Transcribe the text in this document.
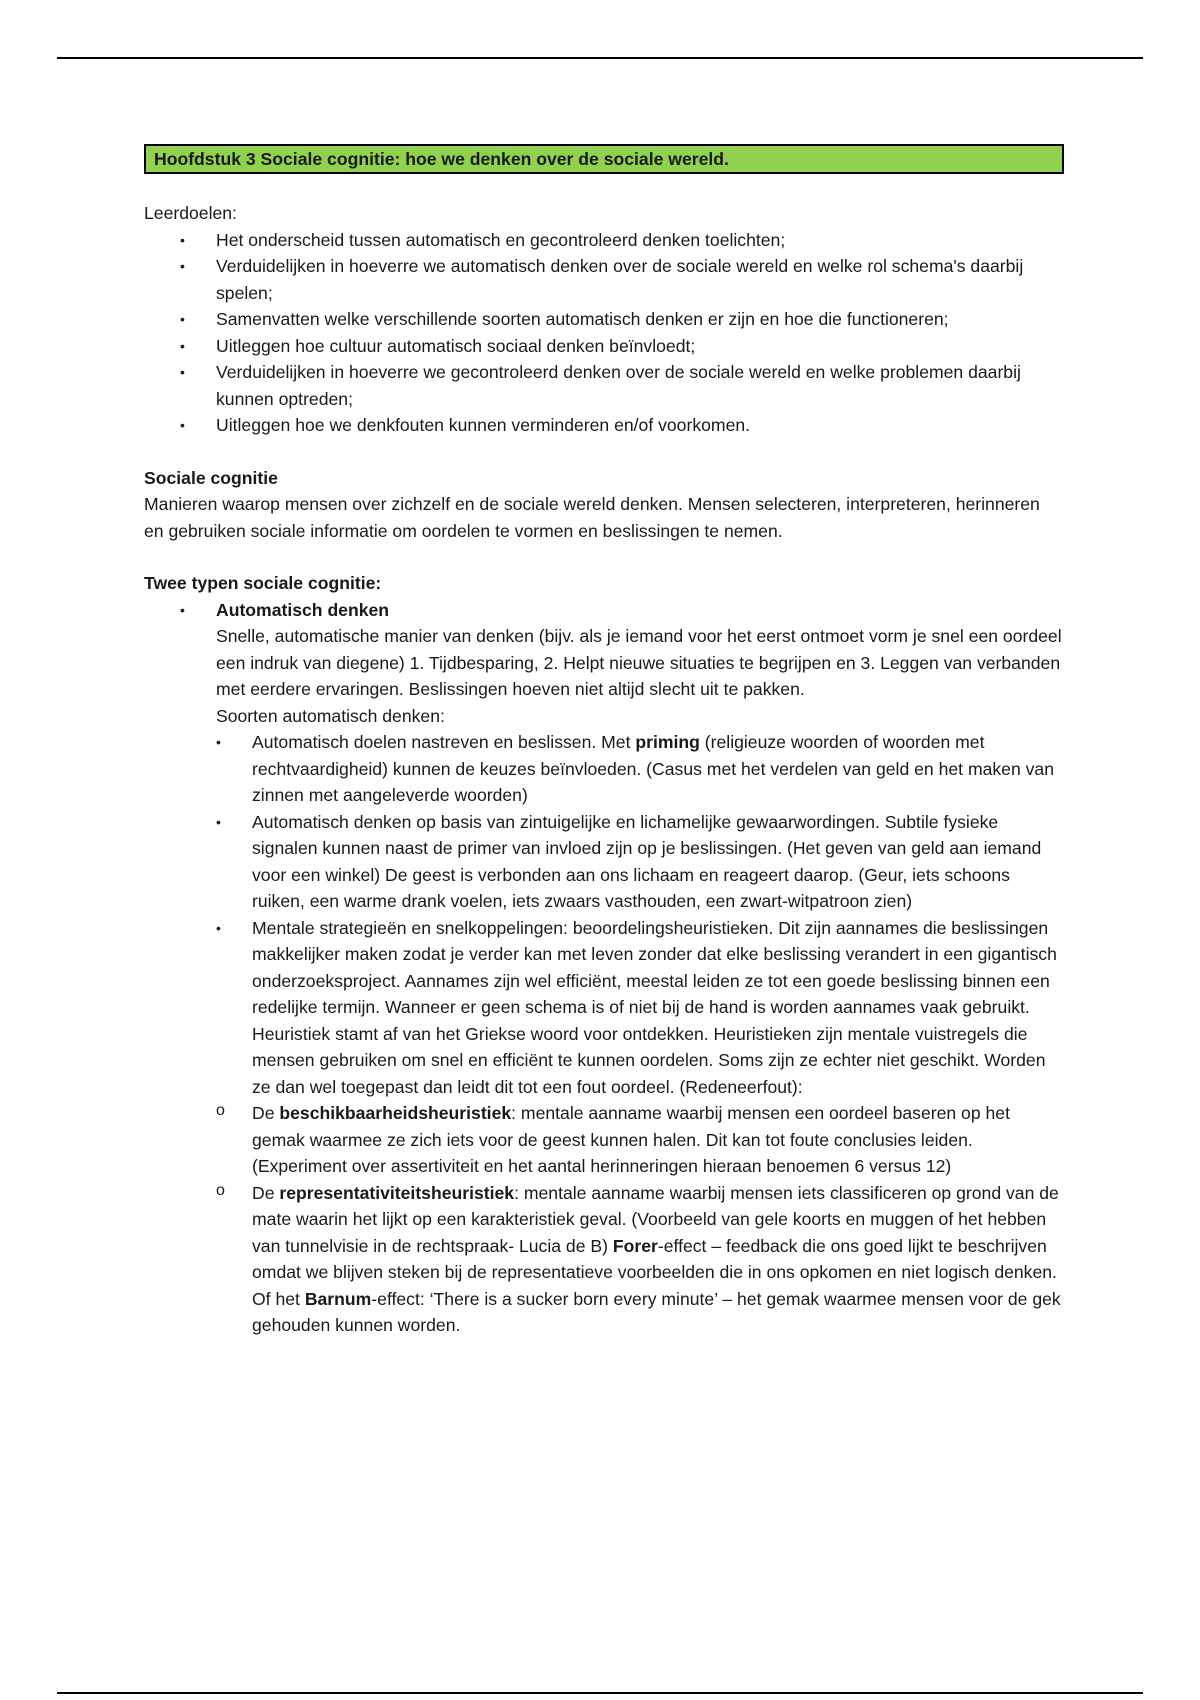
Hoofdstuk 3 Sociale cognitie: hoe we denken over de sociale wereld.

Leerdoelen:

• Het onderscheid tussen automatisch en gecontroleerd denken toelichten;
• Verduidelijken in hoeverre we automatisch denken over de sociale wereld en welke rol schema's daarbij spelen;
• Samenvatten welke verschillende soorten automatisch denken er zijn en hoe die functioneren;
• Uitleggen hoe cultuur automatisch sociaal denken beïnvloedt;
• Verduidelijken in hoeverre we gecontroleerd denken over de sociale wereld en welke problemen daarbij kunnen optreden;
• Uitleggen hoe we denkfouten kunnen verminderen en/of voorkomen.

Sociale cognitie

Manieren waarop mensen over zichzelf en de sociale wereld denken. Mensen selecteren, interpreteren, herinneren en gebruiken sociale informatie om oordelen te vormen en beslissingen te nemen.

Twee typen sociale cognitie:

• Automatisch denken
Snelle, automatische manier van denken (bijv. als je iemand voor het eerst ontmoet vorm je snel een oordeel een indruk van diegene) 1. Tijdbesparing, 2. Helpt nieuwe situaties te begrijpen en 3. Leggen van verbanden met eerdere ervaringen. Beslissingen hoeven niet altijd slecht uit te pakken.
Soorten automatisch denken:
• Automatisch doelen nastreven en beslissen. Met priming (religieuze woorden of woorden met rechtvaardigheid) kunnen de keuzes beïnvloeden. (Casus met het verdelen van geld en het maken van zinnen met aangeleverde woorden)
• Automatisch denken op basis van zintuigelijke en lichamelijke gewaarwordingen. Subtile fysieke signalen kunnen naast de primer van invloed zijn op je beslissingen. (Het geven van geld aan iemand voor een winkel) De geest is verbonden aan ons lichaam en reageert daarop. (Geur, iets schoons ruiken, een warme drank voelen, iets zwaars vasthouden, een zwart-witpatroon zien)
• Mentale strategieën en snelkoppelingen: beoordelingsheuristieken. Dit zijn aannames die beslissingen makkelijker maken zodat je verder kan met leven zonder dat elke beslissing verandert in een gigantisch onderzoeksproject. Aannames zijn wel efficiënt, meestal leiden ze tot een goede beslissing binnen een redelijke termijn. Wanneer er geen schema is of niet bij de hand is worden aannames vaak gebruikt. Heuristiek stamt af van het Griekse woord voor ontdekken. Heuristieken zijn mentale vuistregels die mensen gebruiken om snel en efficiënt te kunnen oordelen. Soms zijn ze echter niet geschikt. Worden ze dan wel toegepast dan leidt dit tot een fout oordeel. (Redeneerfout):
o De beschikbaarheidsheuristiek: mentale aanname waarbij mensen een oordeel baseren op het gemak waarmee ze zich iets voor de geest kunnen halen. Dit kan tot foute conclusies leiden. (Experiment over assertiviteit en het aantal herinneringen hieraan benoemen 6 versus 12)
o De representativiteitsheuristiek: mentale aanname waarbij mensen iets classificeren op grond van de mate waarin het lijkt op een karakteristiek geval. (Voorbeeld van gele koorts en muggen of het hebben van tunnelvisie in de rechtspraak- Lucia de B) Forer-effect – feedback die ons goed lijkt te beschrijven omdat we blijven steken bij de representatieve voorbeelden die in ons opkomen en niet logisch denken. Of het Barnum-effect: ‘There is a sucker born every minute’ – het gemak waarmee mensen voor de gek gehouden kunnen worden.
